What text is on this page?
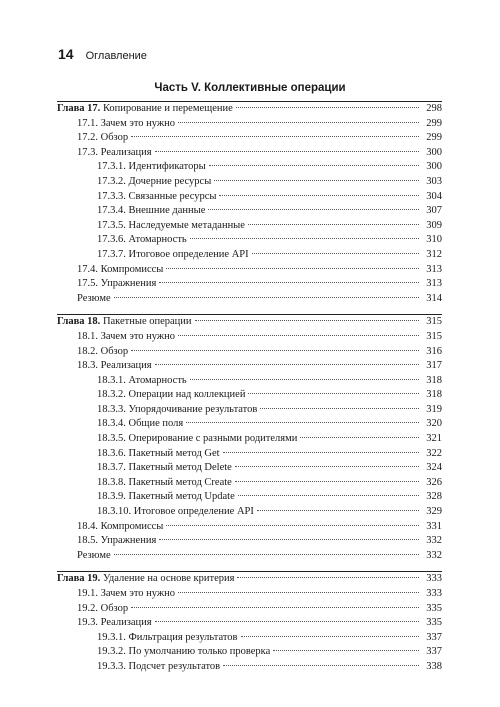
14 Оглавление
Часть V. Коллективные операции
Глава 17. Копирование и перемещение	298
17.1. Зачем это нужно	299
17.2. Обзор	299
17.3. Реализация	300
17.3.1. Идентификаторы	300
17.3.2. Дочерние ресурсы	303
17.3.3. Связанные ресурсы	304
17.3.4. Внешние данные	307
17.3.5. Наследуемые метаданные	309
17.3.6. Атомарность	310
17.3.7. Итоговое определение API	312
17.4. Компромиссы	313
17.5. Упражнения	313
Резюме	314
Глава 18. Пакетные операции	315
18.1. Зачем это нужно	315
18.2. Обзор	316
18.3. Реализация	317
18.3.1. Атомарность	318
18.3.2. Операции над коллекцией	318
18.3.3. Упорядочивание результатов	319
18.3.4. Общие поля	320
18.3.5. Оперирование с разными родителями	321
18.3.6. Пакетный метод Get	322
18.3.7. Пакетный метод Delete	324
18.3.8. Пакетный метод Create	326
18.3.9. Пакетный метод Update	328
18.3.10. Итоговое определение API	329
18.4. Компромиссы	331
18.5. Упражнения	332
Резюме	332
Глава 19. Удаление на основе критерия	333
19.1. Зачем это нужно	333
19.2. Обзор	335
19.3. Реализация	335
19.3.1. Фильтрация результатов	337
19.3.2. По умолчанию только проверка	337
19.3.3. Подсчет результатов	338
